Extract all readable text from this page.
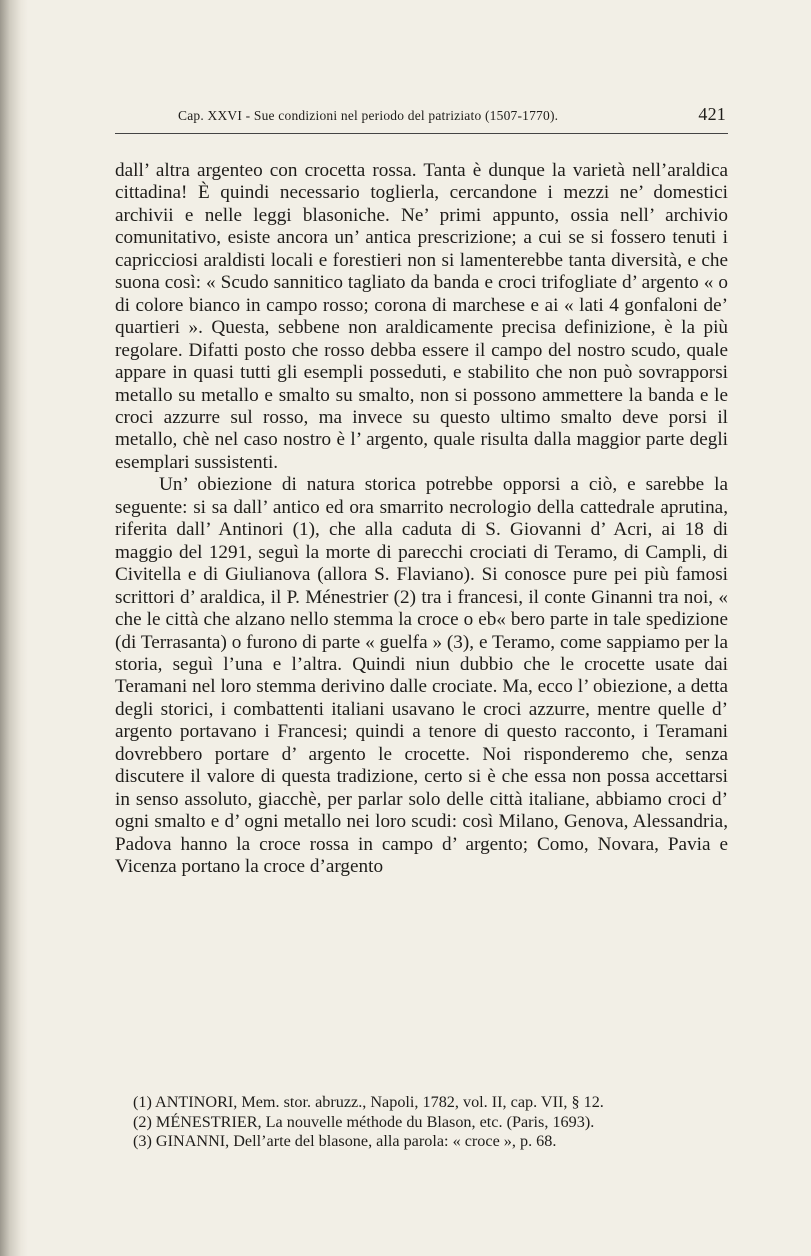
Cap. XXVI - Sue condizioni nel periodo del patriziato (1507-1770).	421

dall’ altra argenteo con crocetta rossa. Tanta è dunque la varietà nell’araldica cittadina! È quindi necessario toglierla, cercandone i mezzi ne’ domestici archivii e nelle leggi blasoniche. Ne’ primi appunto, ossia nell’ archivio comunitativo, esiste ancora un’ antica prescrizione; a cui se si fossero tenuti i capricciosi araldisti locali e forestieri non si lamenterebbe tanta diversità, e che suona così: « Scudo sannitico tagliato da banda e croci trifogliate d’ argento « o di colore bianco in campo rosso; corona di marchese e ai « lati 4 gonfaloni de’ quartieri ». Questa, sebbene non araldicamente precisa definizione, è la più regolare. Difatti posto che rosso debba essere il campo del nostro scudo, quale appare in quasi tutti gli esempli posseduti, e stabilito che non può sovrapporsi metallo su metallo e smalto su smalto, non si possono ammettere la banda e le croci azzurre sul rosso, ma invece su questo ultimo smalto deve porsi il metallo, chè nel caso nostro è l’ argento, quale risulta dalla maggior parte degli esemplari sussistenti.

Un’ obiezione di natura storica potrebbe opporsi a ciò, e sarebbe la seguente: si sa dall’ antico ed ora smarrito necrologio della cattedrale aprutina, riferita dall’ Antinori (1), che alla caduta di S. Giovanni d’ Acri, ai 18 di maggio del 1291, seguì la morte di parecchi crociati di Teramo, di Campli, di Civitella e di Giulianova (allora S. Flaviano). Si conosce pure pei più famosi scrittori d’ araldica, il P. Ménestrier (2) tra i francesi, il conte Ginanni tra noi, « che le città che alzano nello stemma la croce o eb« bero parte in tale spedizione (di Terrasanta) o furono di parte « guelfa » (3), e Teramo, come sappiamo per la storia, seguì l’una e l’altra. Quindi niun dubbio che le crocette usate dai Teramani nel loro stemma derivino dalle crociate. Ma, ecco l’ obiezione, a detta degli storici, i combattenti italiani usavano le croci azzurre, mentre quelle d’ argento portavano i Francesi; quindi a tenore di questo racconto, i Teramani dovrebbero portare d’ argento le crocette. Noi risponderemo che, senza discutere il valore di questa tradizione, certo si è che essa non possa accettarsi in senso assoluto, giacchè, per parlar solo delle città italiane, abbiamo croci d’ ogni smalto e d’ ogni metallo nei loro scudi: così Milano, Genova, Alessandria, Padova hanno la croce rossa in campo d’ argento; Como, Novara, Pavia e Vicenza portano la croce d’argento

(1) ANTINORI, Mem. stor. abruzz., Napoli, 1782, vol. II, cap. VII, § 12.
(2) MÉNESTRIER, La nouvelle méthode du Blason, etc. (Paris, 1693).
(3) GINANNI, Dell’arte del blasone, alla parola: « croce », p. 68.
